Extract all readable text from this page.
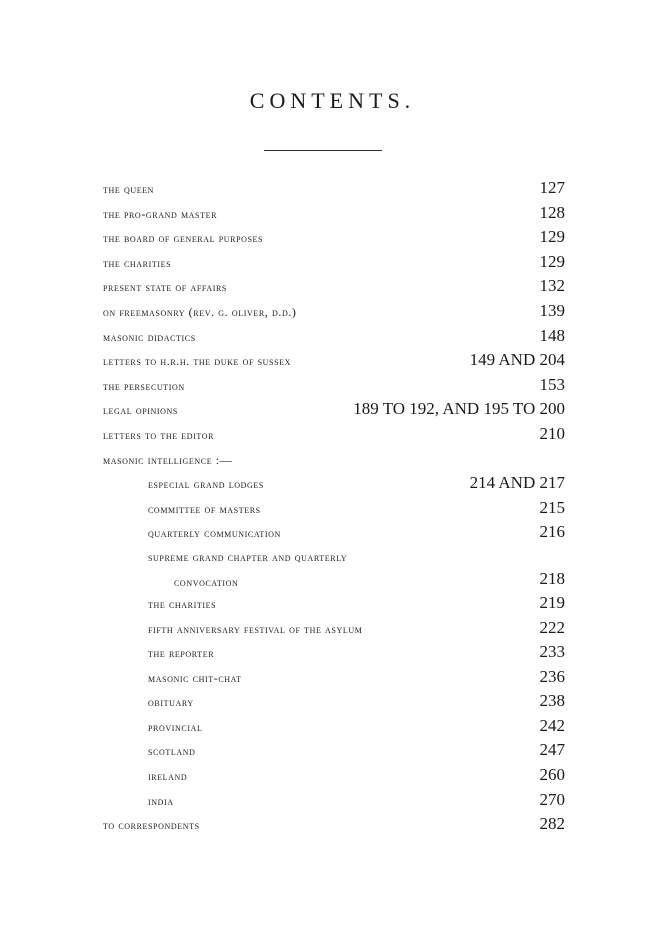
CONTENTS.
the queen	127
the pro-grand master	128
the board of general purposes	129
the charities	129
present state of affairs	132
on freemasonry (rev. g. oliver, d.d.)	139
masonic didactics	148
letters to h.r.h. the duke of sussex	149 AND 204
the persecution	153
legal opinions	189 TO 192, AND 195 TO 200
letters to the editor	210
masonic intelligence :—
especial grand lodges	214 AND 217
committee of masters	215
quarterly communication	216
supreme grand chapter and quarterly
convocation	218
the charities	219
fifth anniversary festival of the asylum	222
the reporter	233
masonic chit-chat	236
obituary	238
provincial	242
scotland	247
ireland	260
india	270
to correspondents	282
